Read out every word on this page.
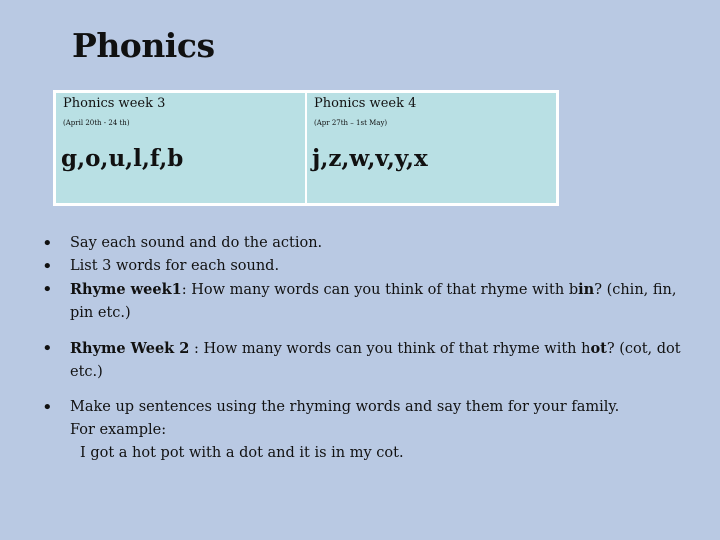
Phonics
Phonics week 3
(April 20th - 24 th)
g,o,u,l,f,b
Phonics week 4
(Apr 27th – 1st May)
j,z,w,v,y,x
• Say each sound and do the action.
• List 3 words for each sound.
• Rhyme week1: How many words can you think of that rhyme with bin? (chin, fin, pin etc.)
• Rhyme Week 2 : How many words can you think of that rhyme with hot? (cot, dot etc.)
• Make up sentences using the rhyming words and say them for your family.
For example:
I got a hot pot with a dot and it is in my cot.
